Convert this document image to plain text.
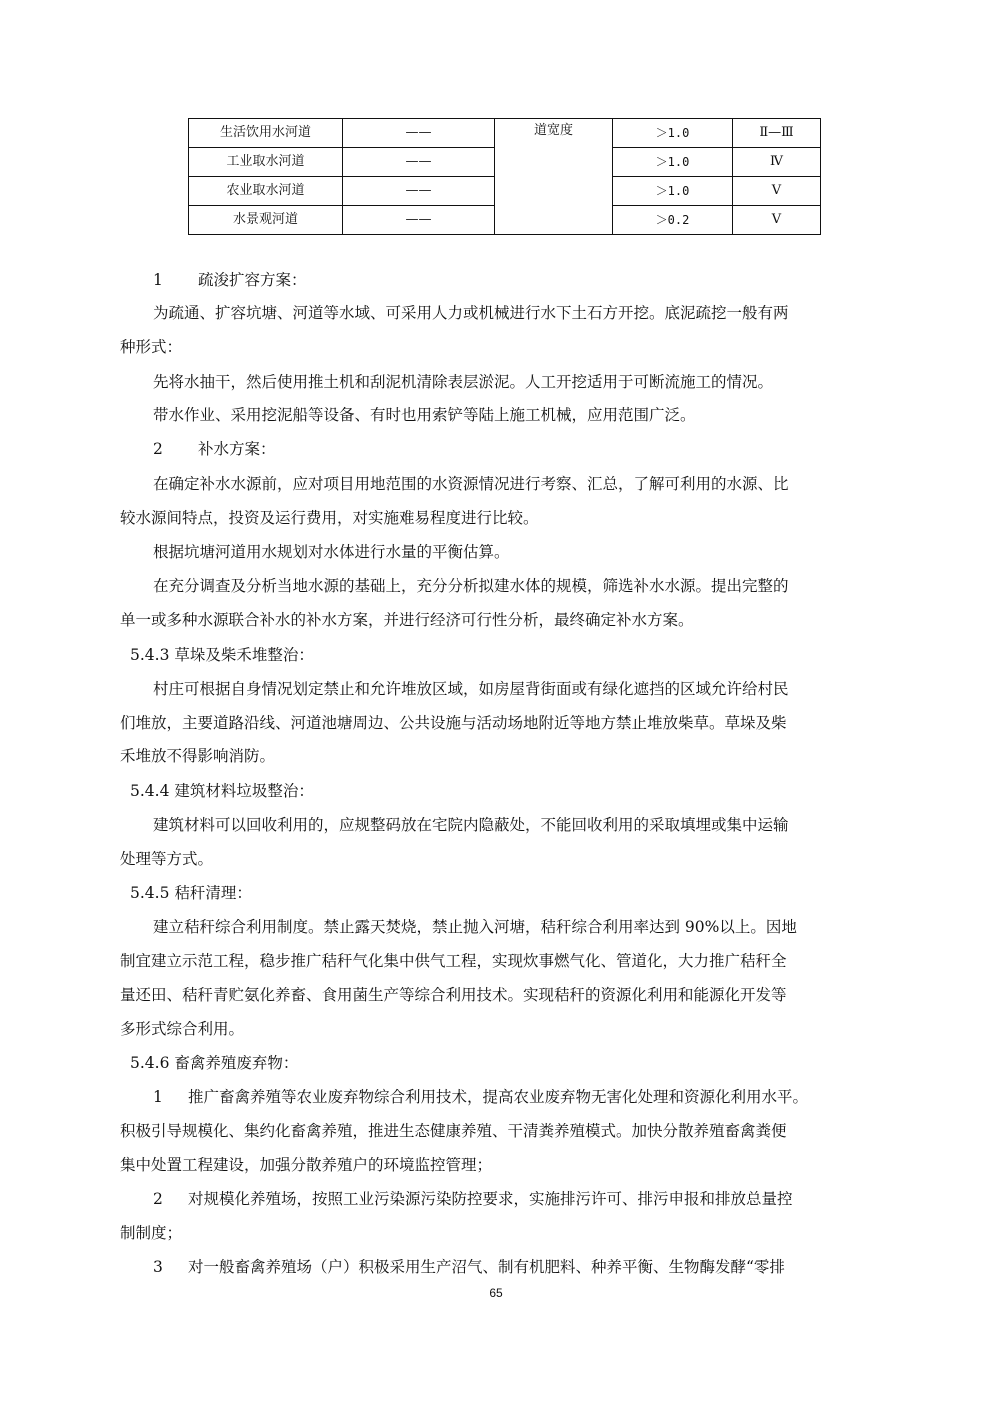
生活饮用水河道	——	道宽度	＞1.0	Ⅱ—Ⅲ
工业取水河道	——		＞1.0	Ⅳ
农业取水河道	——		＞1.0	Ⅴ
水景观河道	——		＞0.2	Ⅴ
1 疏浚扩容方案：
为疏通、扩容坑塘、河道等水域、可采用人力或机械进行水下土石方开挖。底泥疏挖一般有两
种形式：
先将水抽干，然后使用推土机和刮泥机清除表层淤泥。人工开挖适用于可断流施工的情况。
带水作业、采用挖泥船等设备、有时也用索铲等陆上施工机械，应用范围广泛。
2 补水方案：
在确定补水水源前，应对项目用地范围的水资源情况进行考察、汇总，了解可利用的水源、比
较水源间特点，投资及运行费用，对实施难易程度进行比较。
根据坑塘河道用水规划对水体进行水量的平衡估算。
在充分调查及分析当地水源的基础上，充分分析拟建水体的规模，筛选补水水源。提出完整的
单一或多种水源联合补水的补水方案，并进行经济可行性分析，最终确定补水方案。
5.4.3 草垛及柴禾堆整治：
村庄可根据自身情况划定禁止和允许堆放区域，如房屋背街面或有绿化遮挡的区域允许给村民
们堆放，主要道路沿线、河道池塘周边、公共设施与活动场地附近等地方禁止堆放柴草。草垛及柴
禾堆放不得影响消防。
5.4.4 建筑材料垃圾整治：
建筑材料可以回收利用的，应规整码放在宅院内隐蔽处，不能回收利用的采取填埋或集中运输
处理等方式。
5.4.5 秸秆清理：
建立秸秆综合利用制度。禁止露天焚烧，禁止抛入河塘，秸秆综合利用率达到 90%以上。因地
制宜建立示范工程，稳步推广秸秆气化集中供气工程，实现炊事燃气化、管道化，大力推广秸秆全
量还田、秸秆青贮氨化养畜、食用菌生产等综合利用技术。实现秸秆的资源化利用和能源化开发等
多形式综合利用。
5.4.6 畜禽养殖废弃物：
1 推广畜禽养殖等农业废弃物综合利用技术，提高农业废弃物无害化处理和资源化利用水平。
积极引导规模化、集约化畜禽养殖，推进生态健康养殖、干清粪养殖模式。加快分散养殖畜禽粪便
集中处置工程建设，加强分散养殖户的环境监控管理；
2 对规模化养殖场，按照工业污染源污染防控要求，实施排污许可、排污申报和排放总量控
制制度；
3 对一般畜禽养殖场（户）积极采用生产沼气、制有机肥料、种养平衡、生物酶发酵“零排
65
